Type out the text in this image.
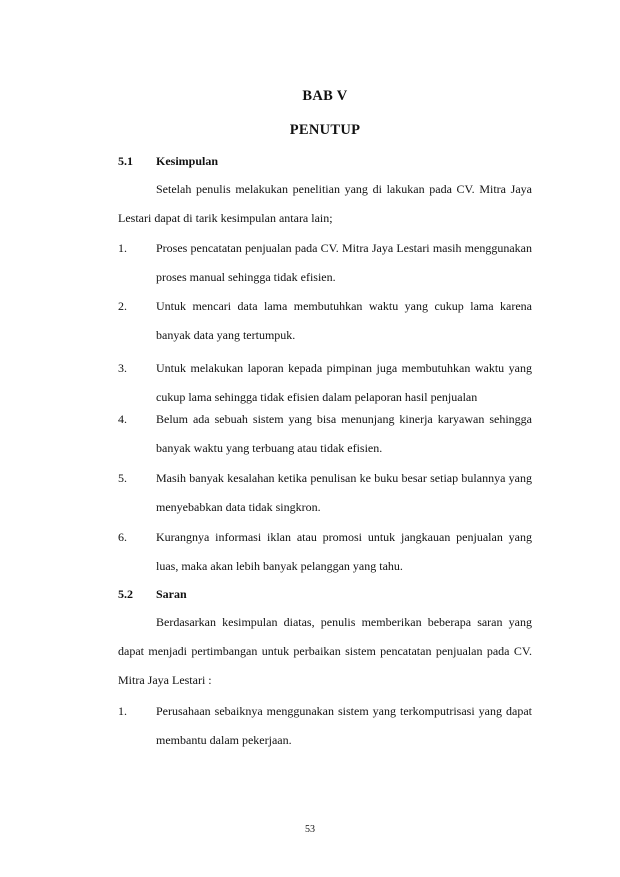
BAB V
PENUTUP
5.1 Kesimpulan

Setelah penulis melakukan penelitian yang di lakukan pada CV. Mitra Jaya Lestari dapat di tarik kesimpulan antara lain;

1. Proses pencatatan penjualan pada CV. Mitra Jaya Lestari masih menggunakan proses manual sehingga tidak efisien.
2. Untuk mencari data lama membutuhkan waktu yang cukup lama karena banyak data yang tertumpuk.
3. Untuk melakukan laporan kepada pimpinan juga membutuhkan waktu yang cukup lama sehingga tidak efisien dalam pelaporan hasil penjualan
4. Belum ada sebuah sistem yang bisa menunjang kinerja karyawan sehingga banyak waktu yang terbuang atau tidak efisien.
5. Masih banyak kesalahan ketika penulisan ke buku besar setiap bulannya yang menyebabkan data tidak singkron.
6. Kurangnya informasi iklan atau promosi untuk jangkauan penjualan yang luas, maka akan lebih banyak pelanggan yang tahu.
5.2 Saran

Berdasarkan kesimpulan diatas, penulis memberikan beberapa saran yang dapat menjadi pertimbangan untuk perbaikan sistem pencatatan penjualan pada CV. Mitra Jaya Lestari :

1. Perusahaan sebaiknya menggunakan sistem yang terkomputrisasi yang dapat membantu dalam pekerjaan.
53
